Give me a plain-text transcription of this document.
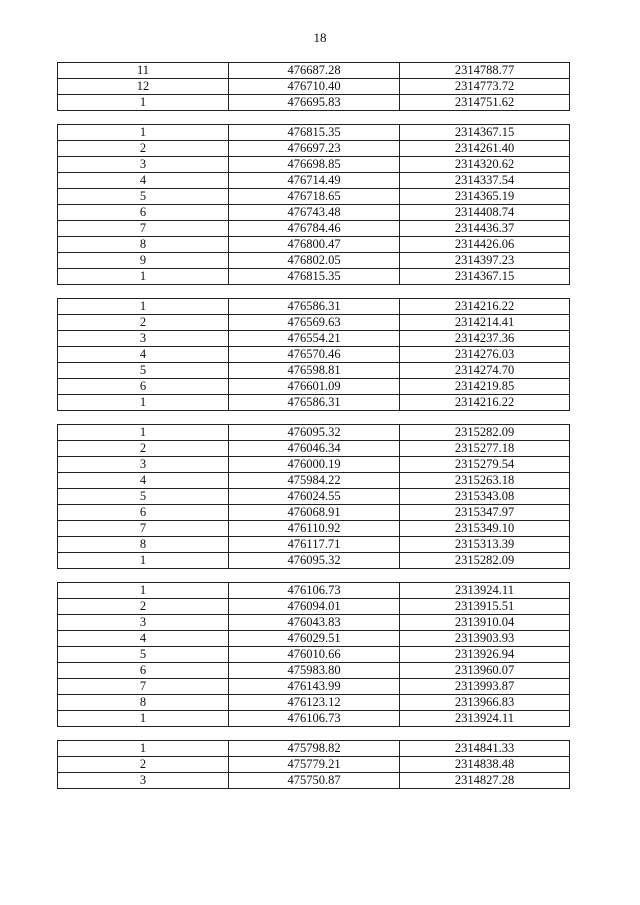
18
11	476687.28	2314788.77
12	476710.40	2314773.72
1	476695.83	2314751.62
1	476815.35	2314367.15
2	476697.23	2314261.40
3	476698.85	2314320.62
4	476714.49	2314337.54
5	476718.65	2314365.19
6	476743.48	2314408.74
7	476784.46	2314436.37
8	476800.47	2314426.06
9	476802.05	2314397.23
1	476815.35	2314367.15
1	476586.31	2314216.22
2	476569.63	2314214.41
3	476554.21	2314237.36
4	476570.46	2314276.03
5	476598.81	2314274.70
6	476601.09	2314219.85
1	476586.31	2314216.22
1	476095.32	2315282.09
2	476046.34	2315277.18
3	476000.19	2315279.54
4	475984.22	2315263.18
5	476024.55	2315343.08
6	476068.91	2315347.97
7	476110.92	2315349.10
8	476117.71	2315313.39
1	476095.32	2315282.09
1	476106.73	2313924.11
2	476094.01	2313915.51
3	476043.83	2313910.04
4	476029.51	2313903.93
5	476010.66	2313926.94
6	475983.80	2313960.07
7	476143.99	2313993.87
8	476123.12	2313966.83
1	476106.73	2313924.11
1	475798.82	2314841.33
2	475779.21	2314838.48
3	475750.87	2314827.28
